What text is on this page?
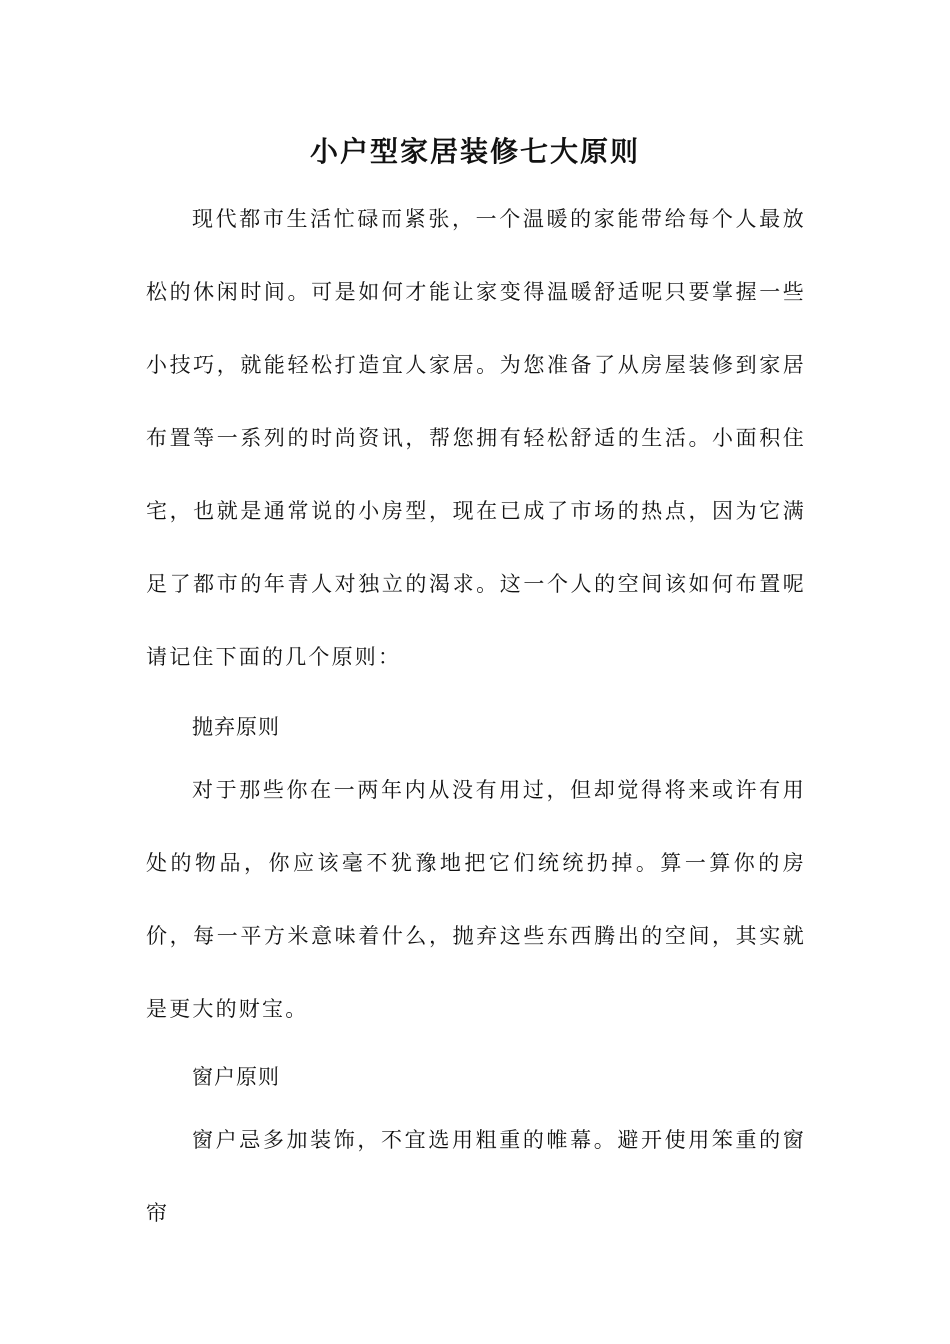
小户型家居装修七大原则

现代都市生活忙碌而紧张，一个温暖的家能带给每个人最放松的休闲时间。可是如何才能让家变得温暖舒适呢只要掌握一些小技巧，就能轻松打造宜人家居。为您准备了从房屋装修到家居布置等一系列的时尚资讯，帮您拥有轻松舒适的生活。小面积住宅，也就是通常说的小房型，现在已成了市场的热点，因为它满足了都市的年青人对独立的渴求。这一个人的空间该如何布置呢请记住下面的几个原则：

抛弃原则

对于那些你在一两年内从没有用过，但却觉得将来或许有用处的物品，你应该毫不犹豫地把它们统统扔掉。算一算你的房价，每一平方米意味着什么，抛弃这些东西腾出的空间，其实就是更大的财宝。

窗户原则

窗户忌多加装饰，不宜选用粗重的帷幕。避开使用笨重的窗帘
